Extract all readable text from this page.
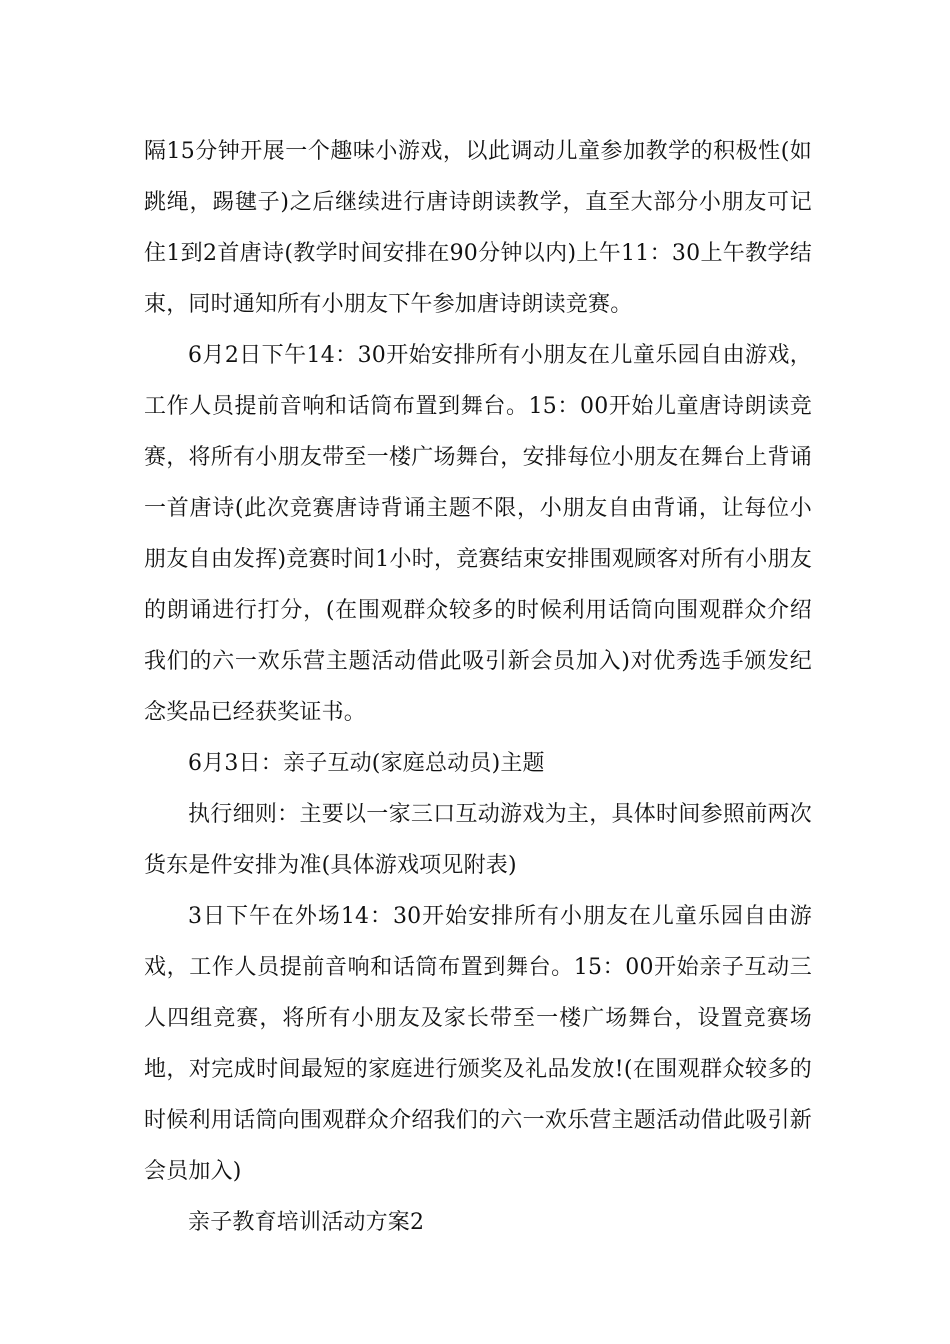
隔15分钟开展一个趣味小游戏，以此调动儿童参加教学的积极性(如跳绳，踢毽子)之后继续进行唐诗朗读教学，直至大部分小朋友可记住1到2首唐诗(教学时间安排在90分钟以内)上午11：30上午教学结束，同时通知所有小朋友下午参加唐诗朗读竞赛。

6月2日下午14：30开始安排所有小朋友在儿童乐园自由游戏，工作人员提前音响和话筒布置到舞台。15：00开始儿童唐诗朗读竞赛，将所有小朋友带至一楼广场舞台，安排每位小朋友在舞台上背诵一首唐诗(此次竞赛唐诗背诵主题不限，小朋友自由背诵，让每位小朋友自由发挥)竞赛时间1小时，竞赛结束安排围观顾客对所有小朋友的朗诵进行打分，(在围观群众较多的时候利用话筒向围观群众介绍我们的六一欢乐营主题活动借此吸引新会员加入)对优秀选手颁发纪念奖品已经获奖证书。

6月3日：亲子互动(家庭总动员)主题

执行细则：主要以一家三口互动游戏为主，具体时间参照前两次货东是件安排为准(具体游戏项见附表)

3日下午在外场14：30开始安排所有小朋友在儿童乐园自由游戏，工作人员提前音响和话筒布置到舞台。15：00开始亲子互动三人四组竞赛，将所有小朋友及家长带至一楼广场舞台，设置竞赛场地，对完成时间最短的家庭进行颁奖及礼品发放!(在围观群众较多的时候利用话筒向围观群众介绍我们的六一欢乐营主题活动借此吸引新会员加入)

亲子教育培训活动方案2
